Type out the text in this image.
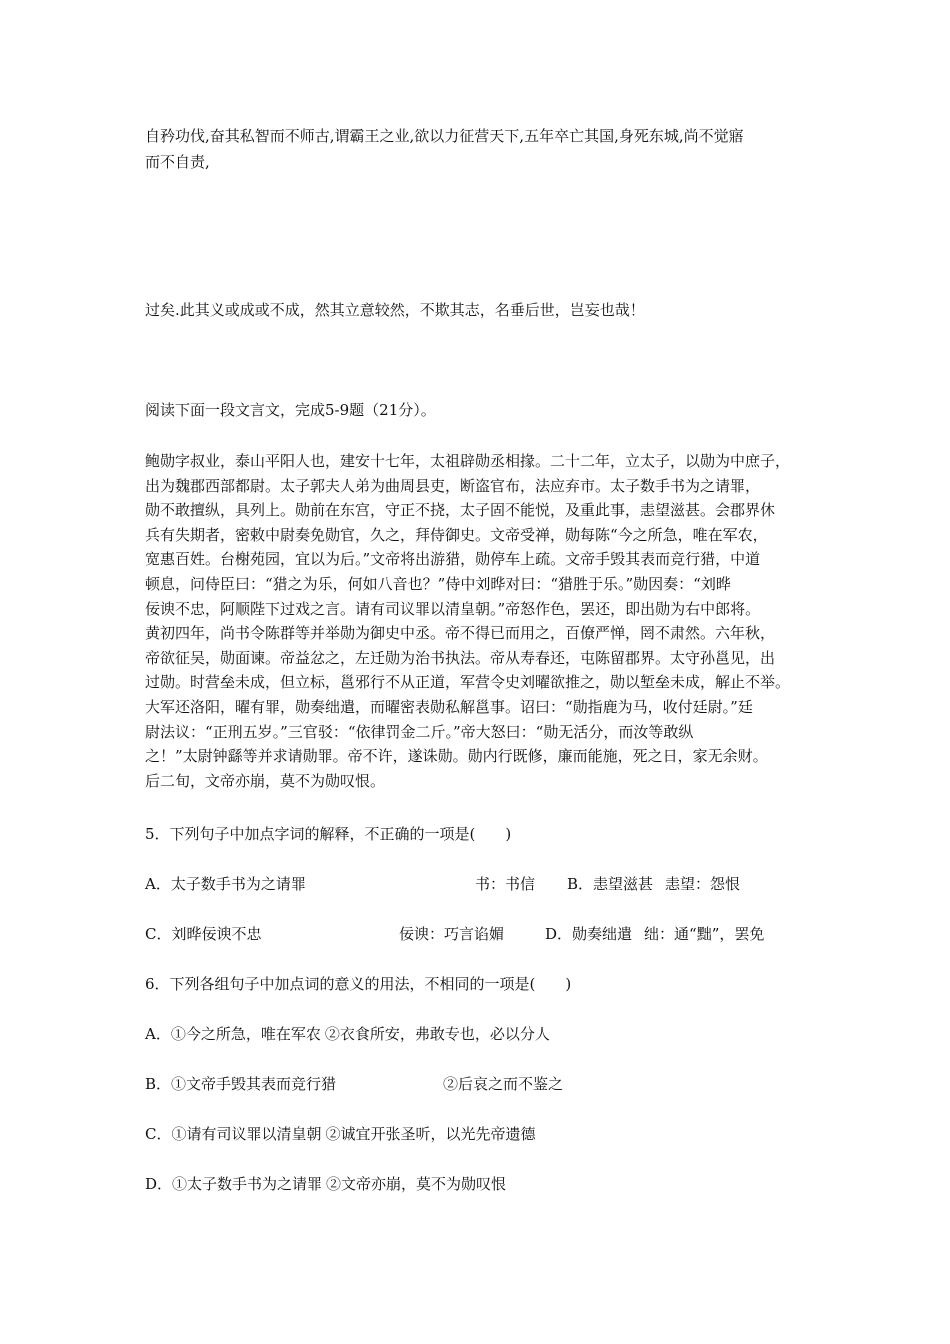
自矜功伐,奋其私智而不师古,谓霸王之业,欲以力征营天下,五年卒亡其国,身死东城,尚不觉寤
而不自责,
过矣.此其义或成或不成，然其立意较然，不欺其志，名垂后世，岂妄也哉！
阅读下面一段文言文，完成5-9题（21分）。

鲍勋字叔业，泰山平阳人也，建安十七年，太祖辟勋丞相掾。二十二年，立太子，以勋为中庶子，

出为魏郡西部都尉。太子郭夫人弟为曲周县吏，断盗官布，法应弃市。太子数手书为之请罪，

勋不敢擅纵，具列上。勋前在东宫，守正不挠，太子固不能悦，及重此事，恚望滋甚。会郡界休

兵有失期者，密敕中尉奏免勋官，久之，拜侍御史。文帝受禅，勋每陈“今之所急，唯在军农，

宽惠百姓。台榭苑园，宜以为后。”文帝将出游猎，勋停车上疏。文帝手毁其表而竞行猎，中道

顿息，问侍臣曰：“猎之为乐，何如八音也？”侍中刘晔对曰：“猎胜于乐。”勋因奏：“刘晔

佞谀不忠，阿顺陛下过戏之言。请有司议罪以清皇朝。”帝怒作色，罢还，即出勋为右中郎将。

黄初四年，尚书令陈群等并举勋为御史中丞。帝不得已而用之，百僚严惮，罔不肃然。六年秋，

帝欲征吴，勋面谏。帝益忿之，左迁勋为治书执法。帝从寿春还，屯陈留郡界。太守孙邕见，出

过勋。时营垒未成，但立标，邕邪行不从正道，军营令史刘曜欲推之，勋以堑垒未成，解止不举。

大军还洛阳，曜有罪，勋奏绌遣，而曜密表勋私解邕事。诏曰：“勋指鹿为马，收付廷尉。”廷

尉法议：“正刑五岁。”三官驳：“依律罚金二斤。”帝大怒曰：“勋无活分，而汝等敢纵

之！”太尉钟繇等并求请勋罪。帝不许，遂诛勋。勋内行既修，廉而能施，死之日，家无余财。

后二旬，文帝亦崩，莫不为勋叹恨。

5．下列句子中加点字词的解释，不正确的一项是(　　)
A．太子数手书为之请罪	书：书信 B．恚望滋甚 恚望：怨恨
C．刘晔佞谀不忠	佞谀：巧言谄媚	D．勋奏绌遣 绌：通“黜”，罢免
6．下列各组句子中加点词的意义的用法，不相同的一项是(　　)
A．①今之所急，唯在军农 ②衣食所安，弗敢专也，必以分人
B．①文帝手毁其表而竞行猎	②后哀之而不鉴之
C．①请有司议罪以清皇朝 ②诚宜开张圣听，以光先帝遗德
D．①太子数手书为之请罪 ②文帝亦崩，莫不为勋叹恨
